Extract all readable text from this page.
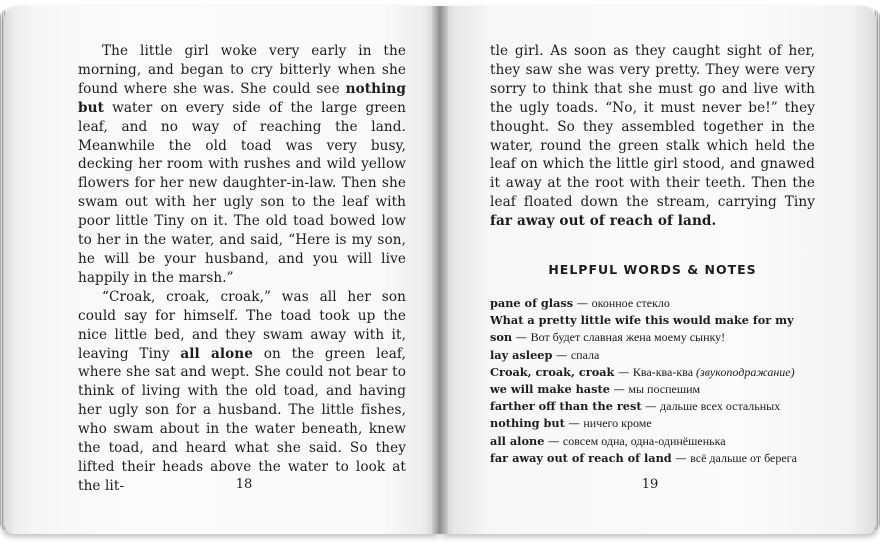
The little girl woke very early in the morning, and began to cry bitterly when she found where she was. She could see nothing but water on every side of the large green leaf, and no way of reaching the land. Meanwhile the old toad was very busy, decking her room with rushes and wild yellow flowers for her new daughter-in-law. Then she swam out with her ugly son to the leaf with poor little Tiny on it. The old toad bowed low to her in the water, and said, “Here is my son, he will be your husband, and you will live happily in the marsh.”

“Croak, croak, croak,” was all her son could say for himself. The toad took up the nice little bed, and they swam away with it, leaving Tiny all alone on the green leaf, where she sat and wept. She could not bear to think of living with the old toad, and having her ugly son for a husband. The little fishes, who swam about in the water beneath, knew the toad, and heard what she said. So they lifted their heads above the water to look at the lit-	18

tle girl. As soon as they caught sight of her, they saw she was very pretty. They were very sorry to think that she must go and live with the ugly toads. “No, it must never be!” they thought. So they assembled together in the water, round the green stalk which held the leaf on which the little girl stood, and gnawed it away at the root with their teeth. Then the leaf floated down the stream, carrying Tiny far away out of reach of land.

HELPFUL WORDS & NOTES
pane of glass — оконное стекло
What a pretty little wife this would make for my son — Вот будет славная жена моему сынку!
lay asleep — спала
Croak, croak, croak — Ква-ква-ква (звукоподражание)
we will make haste — мы поспешим
farther off than the rest — дальше всех остальных
nothing but — ничего кроме
all alone — совсем одна, одна-одинёшенька
far away out of reach of land — всё дальше от берега
19
